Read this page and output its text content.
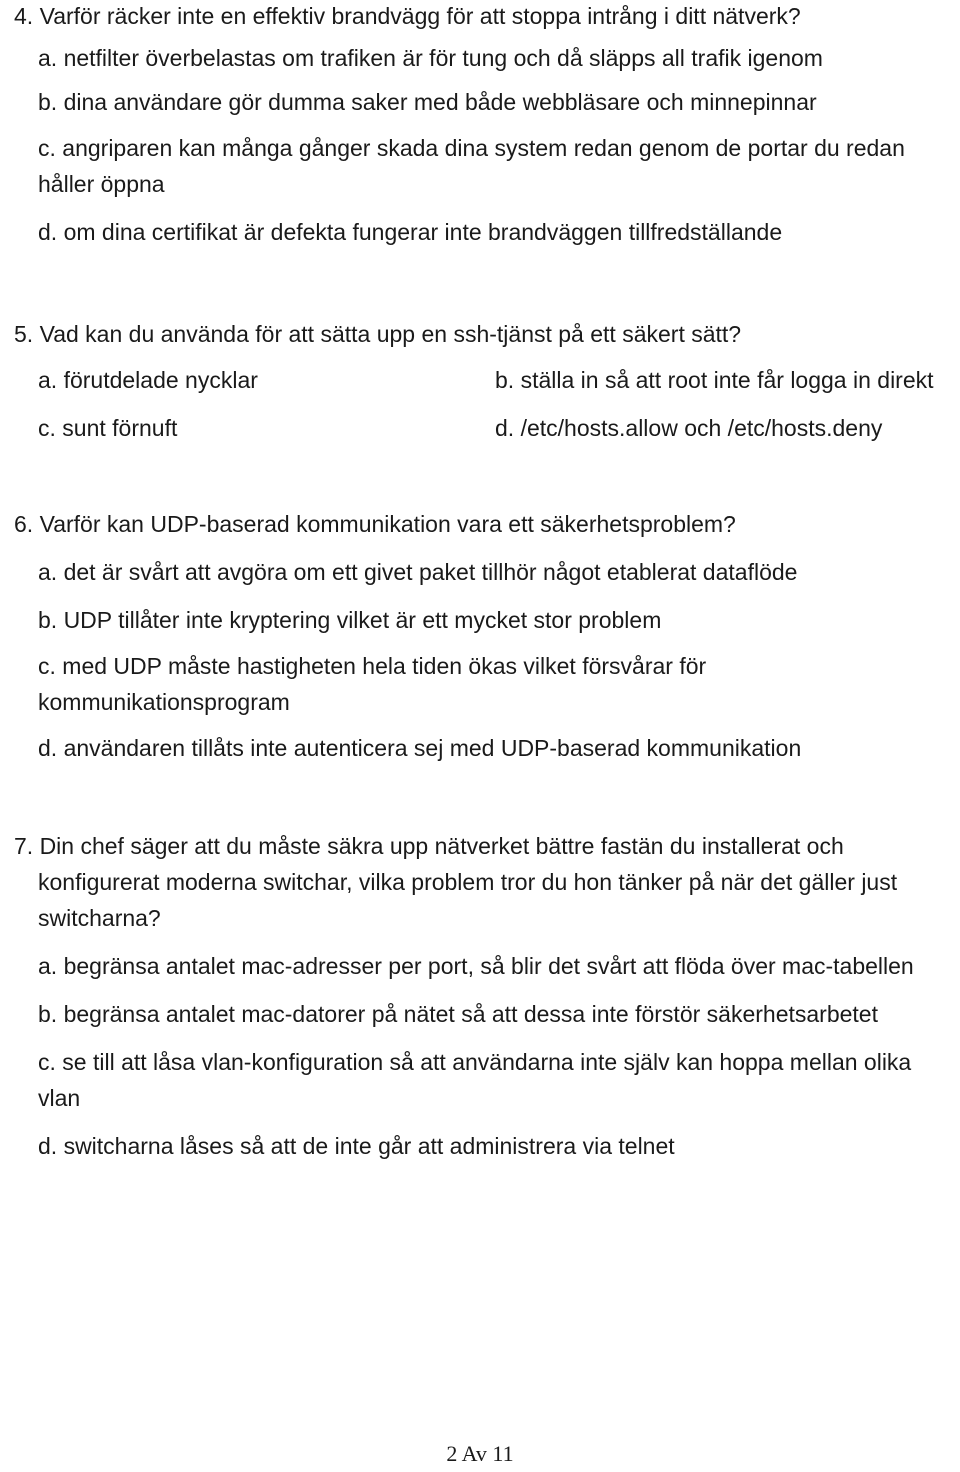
4. Varför räcker inte en effektiv brandvägg för att stoppa intrång i ditt nätverk?

a. netfilter överbelastas om trafiken är för tung och då släpps all trafik igenom

b. dina användare gör dumma saker med både webbläsare och minnepinnar

c. angriparen kan många gånger skada dina system redan genom de portar du redan håller öppna

d. om dina certifikat är defekta fungerar inte brandväggen tillfredställande

5. Vad kan du använda för att sätta upp en ssh-tjänst på ett säkert sätt?

a. förutdelade nycklar	b. ställa in så att root inte får logga in direkt
c. sunt förnuft	d. /etc/hosts.allow och /etc/hosts.deny

6. Varför kan UDP-baserad kommunikation vara ett säkerhetsproblem?

a. det är svårt att avgöra om ett givet paket tillhör något etablerat dataflöde

b. UDP tillåter inte kryptering vilket är ett mycket stor problem

c. med UDP måste hastigheten hela tiden ökas vilket försvårar för kommunikationsprogram

d. användaren tillåts inte autenticera sej med UDP-baserad kommunikation

7. Din chef säger att du måste säkra upp nätverket bättre fastän du installerat och konfigurerat moderna switchar, vilka problem tror du hon tänker på när det gäller just switcharna?

a. begränsa antalet mac-adresser per port, så blir det svårt att flöda över mac-tabellen

b. begränsa antalet mac-datorer på nätet så att dessa inte förstör säkerhetsarbetet

c. se till att låsa vlan-konfiguration så att användarna inte själv kan hoppa mellan olika vlan

d. switcharna låses så att de inte går att administrera via telnet

2 Av 11
